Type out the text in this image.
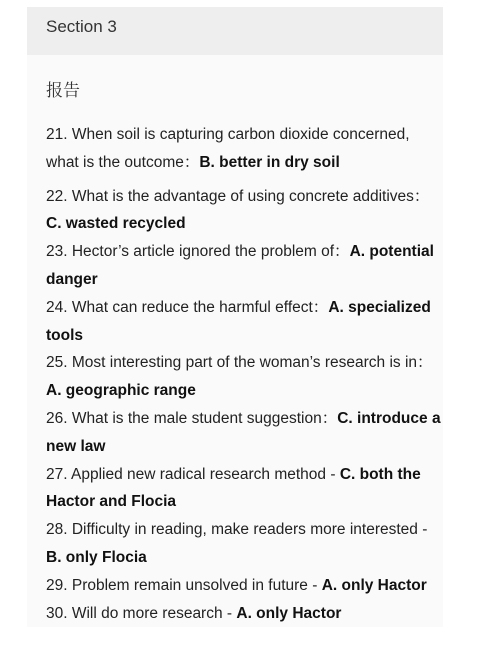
Section 3
报告
21. When soil is capturing carbon dioxide concerned, what is the outcome：B. better in dry soil
22. What is the advantage of using concrete additives：C. wasted recycled
23. Hector’s article ignored the problem of：A. potential danger
24. What can reduce the harmful effect：A. specialized tools
25. Most interesting part of the woman’s research is in：A. geographic range
26. What is the male student suggestion：C. introduce a new law
27. Applied new radical research method - C. both the Hactor and Flocia
28. Difficulty in reading, make readers more interested - B. only Flocia
29. Problem remain unsolved in future - A. only Hactor
30. Will do more research - A. only Hactor
